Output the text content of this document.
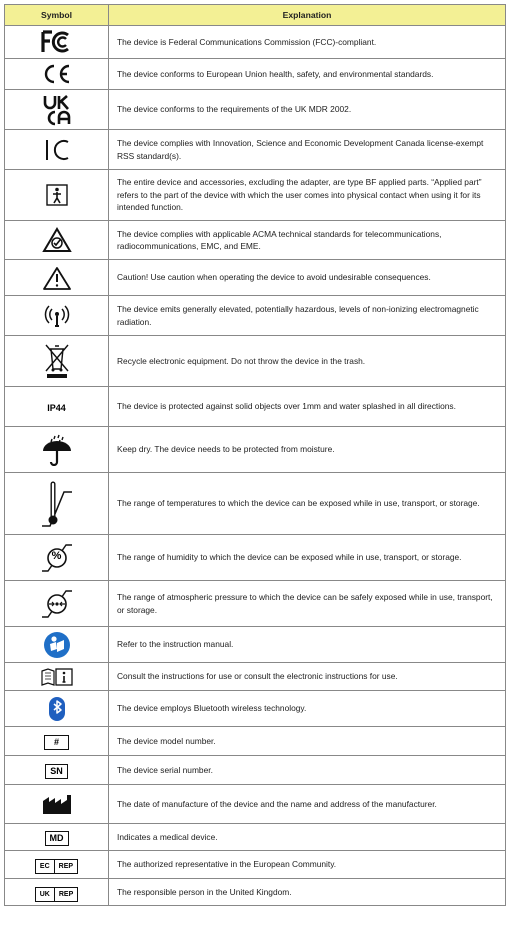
Symbol	Explanation

	The device is Federal Communications Commission (FCC)-compliant.

	The device conforms to European Union health, safety, and environmental standards.

	The device conforms to the requirements of the UK MDR 2002.

	The device complies with Innovation, Science and Economic Development Canada license-exempt RSS standard(s).

	The entire device and accessories, excluding the adapter, are type BF applied parts. “Applied part” refers to the part of the device with which the user comes into physical contact when using it for its intended function.

	The device complies with applicable ACMA technical standards for telecommunications, radiocommunications, EMC, and EME.

	Caution! Use caution when operating the device to avoid undesirable consequences.

	The device emits generally elevated, potentially hazardous, levels of non-ionizing electromagnetic radiation.

	Recycle electronic equipment. Do not throw the device in the trash.
IP44	The device is protected against solid objects over 1mm and water splashed in all directions.

	Keep dry. The device needs to be protected from moisture.

	The range of temperatures to which the device can be exposed while in use, transport, or storage.

%	The range of humidity to which the device can be exposed while in use, transport, or storage.

	The range of atmospheric pressure to which the device can be safely exposed while in use, transport, or storage.

	Refer to the instruction manual.

	Consult the instructions for use or consult the electronic instructions for use.

	The device employs Bluetooth wireless technology.
#	The device model number.
SN	The device serial number.

	The date of manufacture of the device and the name and address of the manufacturer.
MD	Indicates a medical device.

EC REP	The authorized representative in the European Community.

UK REP	The responsible person in the United Kingdom.
